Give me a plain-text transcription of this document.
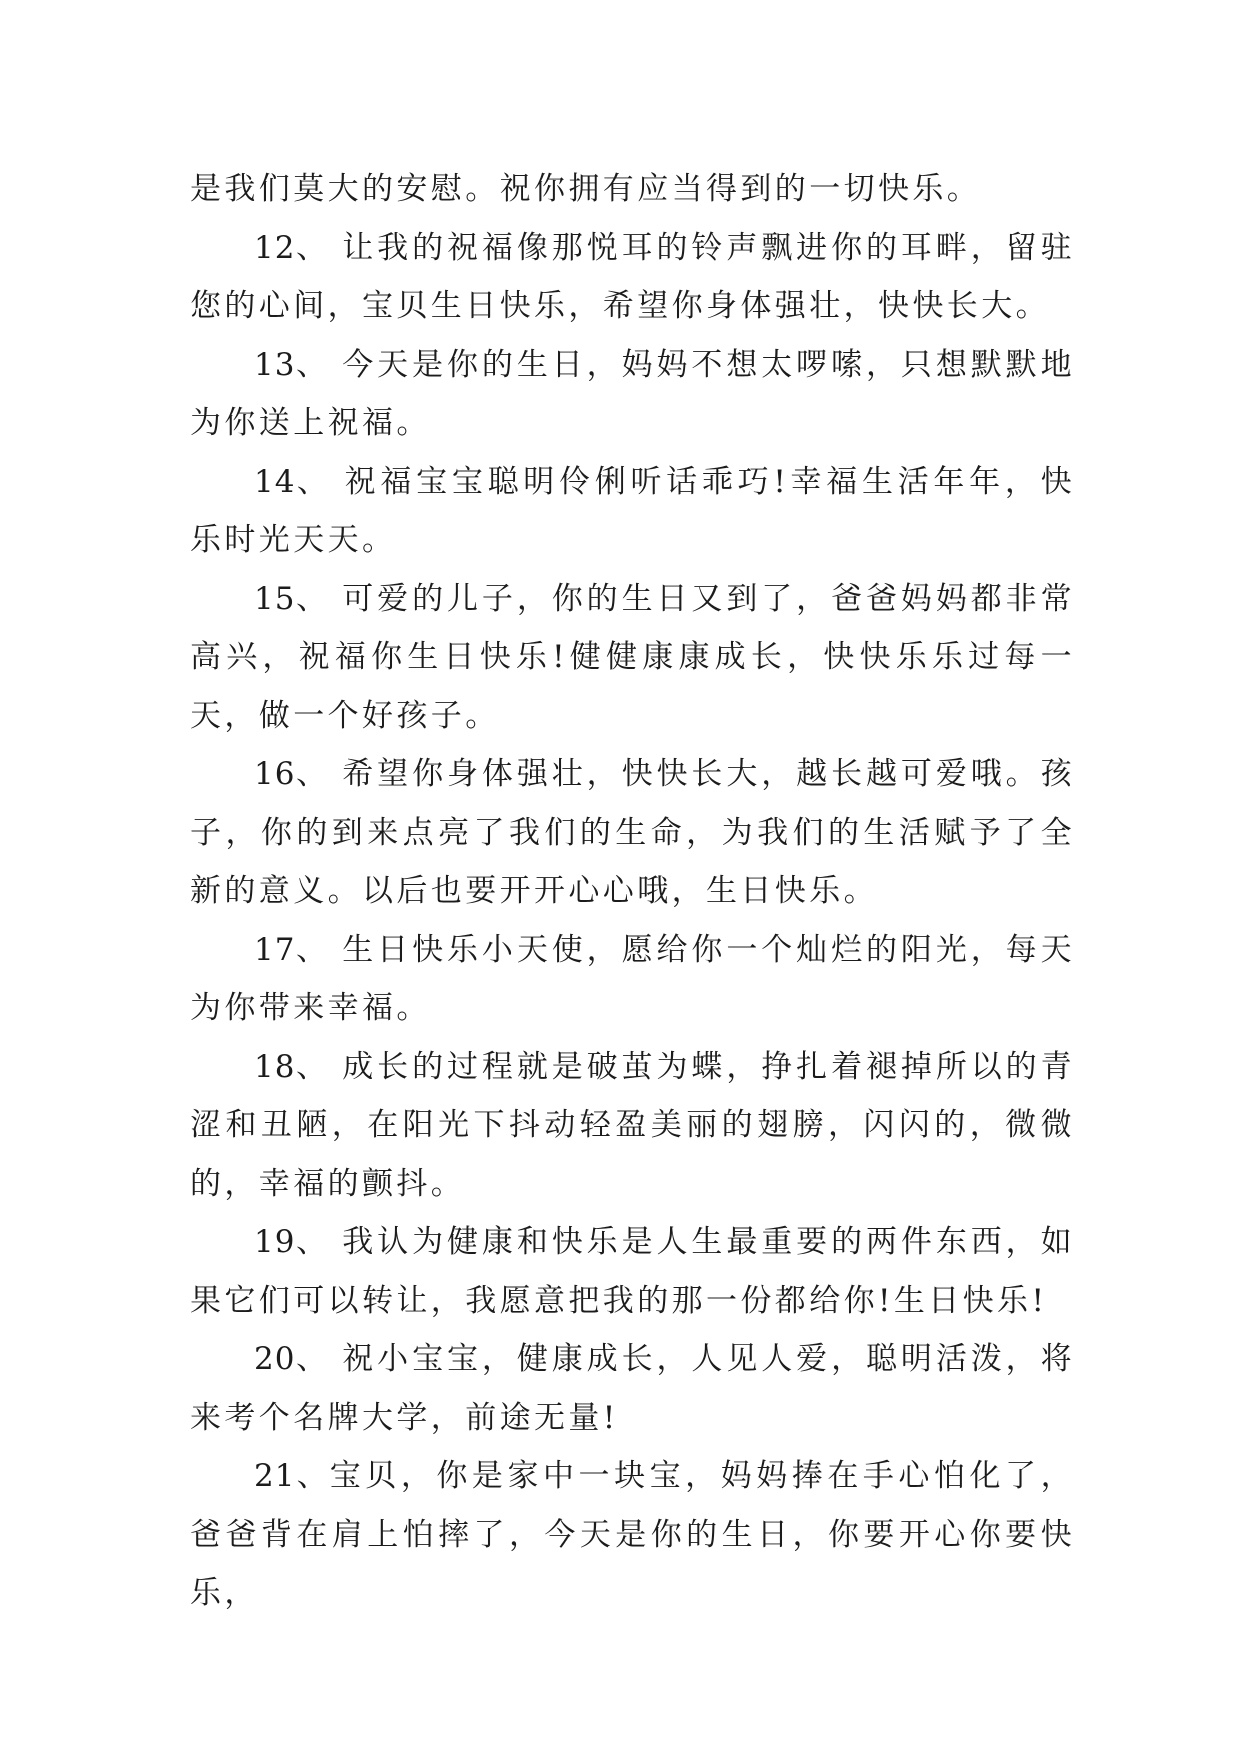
是我们莫大的安慰。祝你拥有应当得到的一切快乐。

12、 让我的祝福像那悦耳的铃声飘进你的耳畔，留驻您的心间，宝贝生日快乐，希望你身体强壮，快快长大。

13、 今天是你的生日，妈妈不想太啰嗦，只想默默地为你送上祝福。

14、 祝福宝宝聪明伶俐听话乖巧!幸福生活年年，快乐时光天天。

15、 可爱的儿子，你的生日又到了，爸爸妈妈都非常高兴，祝福你生日快乐!健健康康成长，快快乐乐过每一天，做一个好孩子。

16、 希望你身体强壮，快快长大，越长越可爱哦。孩子，你的到来点亮了我们的生命，为我们的生活赋予了全新的意义。以后也要开开心心哦，生日快乐。

17、 生日快乐小天使，愿给你一个灿烂的阳光，每天为你带来幸福。

18、 成长的过程就是破茧为蝶，挣扎着褪掉所以的青涩和丑陋，在阳光下抖动轻盈美丽的翅膀，闪闪的，微微的，幸福的颤抖。

19、 我认为健康和快乐是人生最重要的两件东西，如果它们可以转让，我愿意把我的那一份都给你!生日快乐!

20、 祝小宝宝，健康成长，人见人爱，聪明活泼，将来考个名牌大学，前途无量!

21、宝贝，你是家中一块宝，妈妈捧在手心怕化了，爸爸背在肩上怕摔了，今天是你的生日，你要开心你要快乐，
